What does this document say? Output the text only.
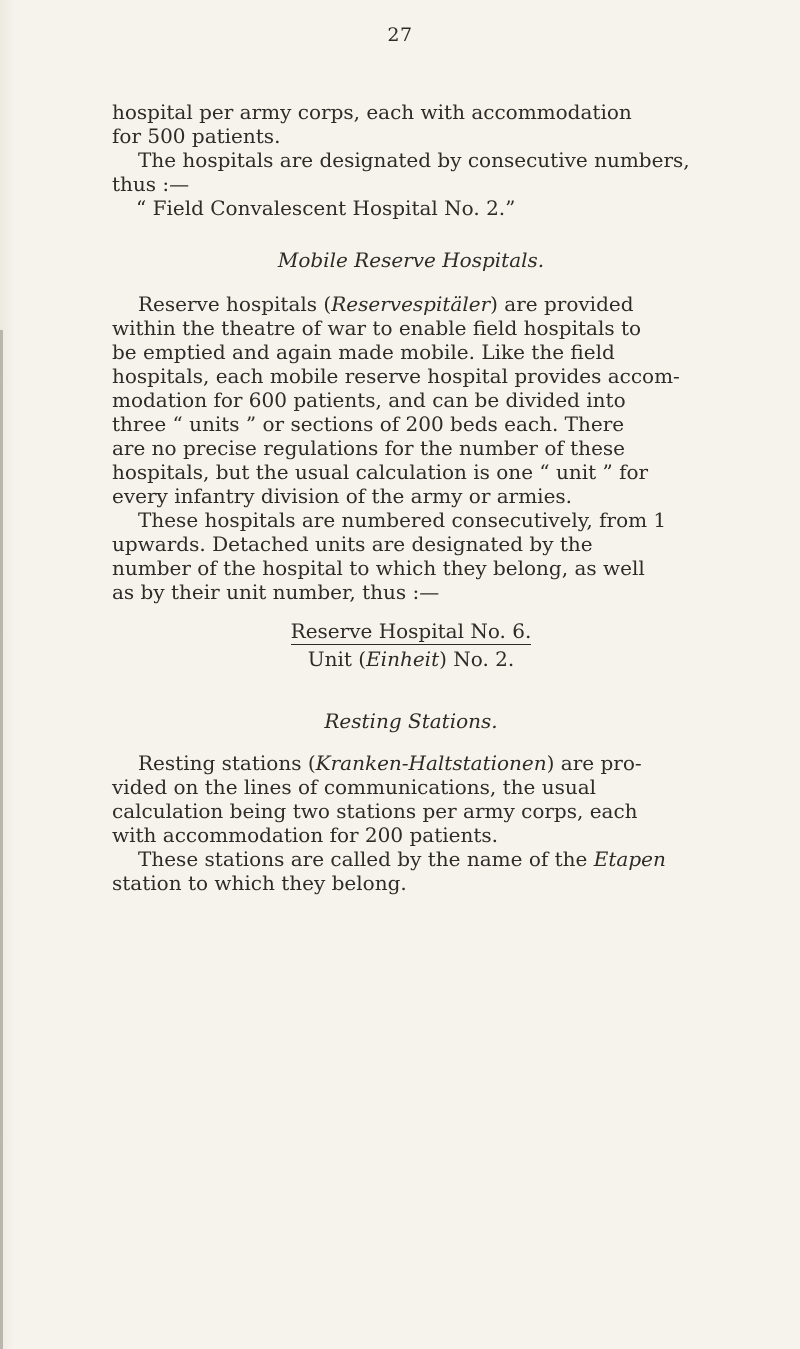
27
hospital per army corps, each with accommodation
for 500 patients.
The hospitals are designated by consecutive numbers,
thus :—
“ Field Convalescent Hospital No. 2.”
Mobile Reserve Hospitals.
Reserve hospitals (Reservespitäler) are provided
within the theatre of war to enable field hospitals to
be emptied and again made mobile. Like the field
hospitals, each mobile reserve hospital provides accom-
modation for 600 patients, and can be divided into
three “ units ” or sections of 200 beds each. There
are no precise regulations for the number of these
hospitals, but the usual calculation is one “ unit ” for
every infantry division of the army or armies.
These hospitals are numbered consecutively, from 1
upwards. Detached units are designated by the
number of the hospital to which they belong, as well
as by their unit number, thus :—
Reserve Hospital No. 6.
Unit (Einheit) No. 2.
Resting Stations.
Resting stations (Kranken-Haltstationen) are pro-
vided on the lines of communications, the usual
calculation being two stations per army corps, each
with accommodation for 200 patients.
These stations are called by the name of the Etapen
station to which they belong.
